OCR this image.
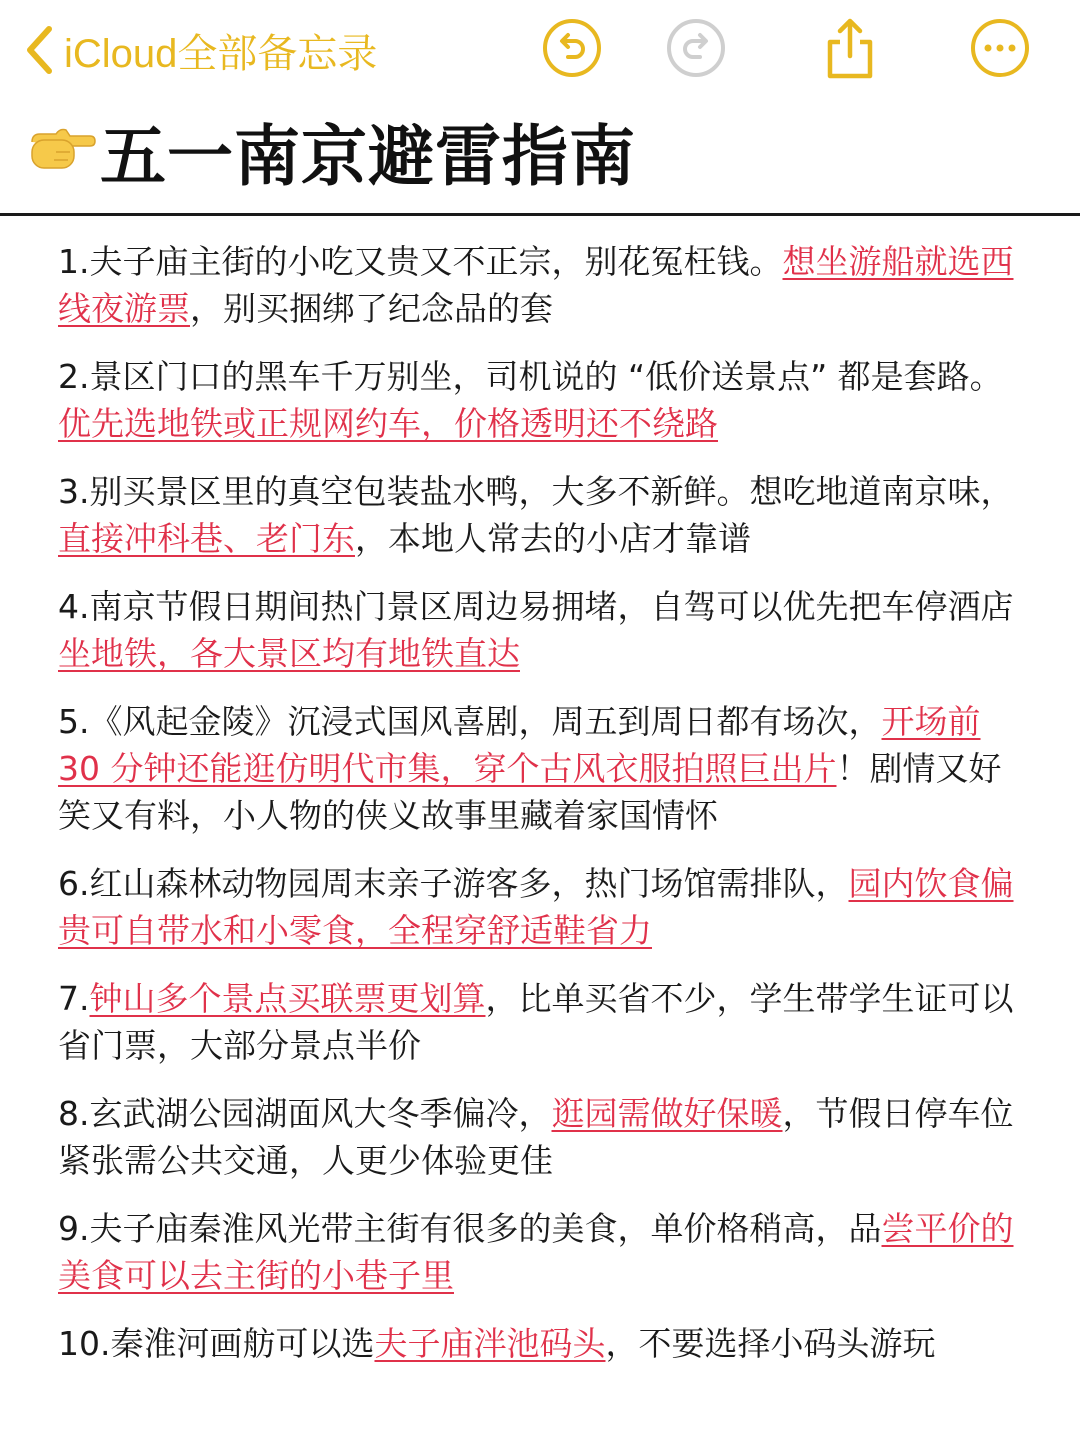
iCloud全部备忘录
五一南京避雷指南
1.夫子庙主街的小吃又贵又不正宗，别花冤枉钱。想坐游船就选西线夜游票，别买捆绑了纪念品的套
2.景区门口的黑车千万别坐，司机说的 “低价送景点” 都是套路。优先选地铁或正规网约车，价格透明还不绕路
3.别买景区里的真空包装盐水鸭，大多不新鲜。想吃地道南京味，直接冲科巷、老门东，本地人常去的小店才靠谱
4.南京节假日期间热门景区周边易拥堵，自驾可以优先把车停酒店坐地铁，各大景区均有地铁直达
5.《风起金陵》沉浸式国风喜剧，周五到周日都有场次，开场前 30 分钟还能逛仿明代市集，穿个古风衣服拍照巨出片！剧情又好笑又有料，小人物的侠义故事里藏着家国情怀
6.红山森林动物园周末亲子游客多，热门场馆需排队，园内饮食偏贵可自带水和小零食，全程穿舒适鞋省力
7.钟山多个景点买联票更划算，比单买省不少，学生带学生证可以省门票，大部分景点半价
8.玄武湖公园湖面风大冬季偏冷，逛园需做好保暖，节假日停车位紧张需公共交通，人更少体验更佳
9.夫子庙秦淮风光带主街有很多的美食，单价格稍高，品尝平价的美食可以去主街的小巷子里
10.秦淮河画舫可以选夫子庙泮池码头，不要选择小码头游玩
